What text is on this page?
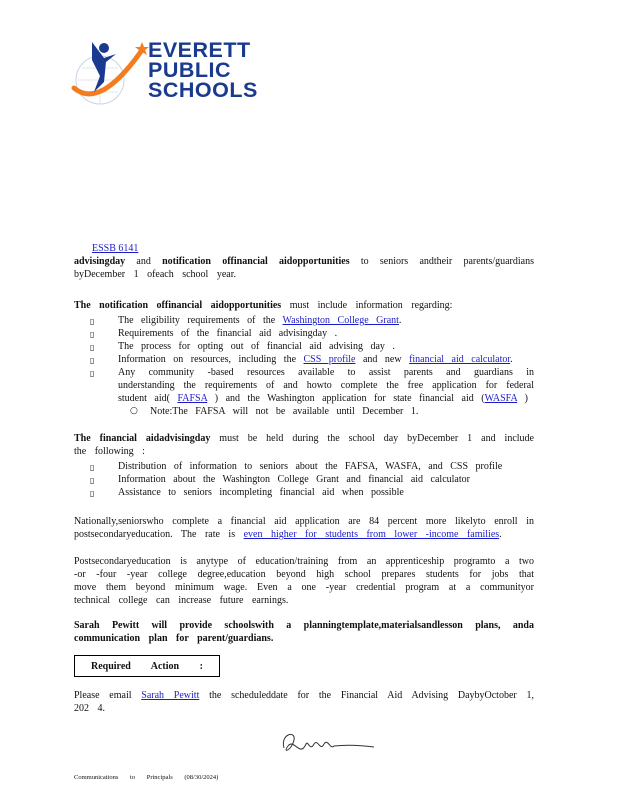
EVERETT
PUBLIC
SCHOOLS

ESSB 6141

advisingday and notification offinancial aidopportunities to seniors andtheir parents/guardians byDecember 1 ofeach school year.

The notification offinancial aidopportunities must include information regarding:

▯ The eligibility requirements of the Washington College Grant.
▯ Requirements of the financial aid advisingday .
▯ The process for opting out of financial aid advising day .
▯ Information on resources, including the CSS profile and new financial aid calculator.
▯ Any community -based resources available to assist parents and guardians in understanding the requirements of and howto complete the free application for federal student aid( FAFSA ) and the Washington application for state financial aid (WASFA )

○ Note:The FAFSA will not be available until December 1.

The financial aidadvisingday must be held during the school day byDecember 1 and include the following :

▯ Distribution of information to seniors about the FAFSA, WASFA, and CSS profile
▯ Information about the Washington College Grant and financial aid calculator
▯ Assistance to seniors incompleting financial aid when possible

Nationally,seniorswho complete a financial aid application are 84 percent more likelyto enroll in postsecondaryeducation. The rate is even higher for students from lower -income families.

Postsecondaryeducation is anytype of education/training from an apprenticeship programto a two -or -four -year college degree,education beyond high school prepares students for jobs that move them beyond minimum wage. Even a one -year credential program at a communityor technical college can increase future earnings.

Sarah Pewitt will provide schoolswith a planningtemplate,materialsandlesson plans, anda communication plan for parent/guardians.

Required Action :

Please email Sarah Pewitt the scheduleddate for the Financial Aid Advising DaybyOctober 1, 202 4.

Communications to Principals (08/30/2024)
